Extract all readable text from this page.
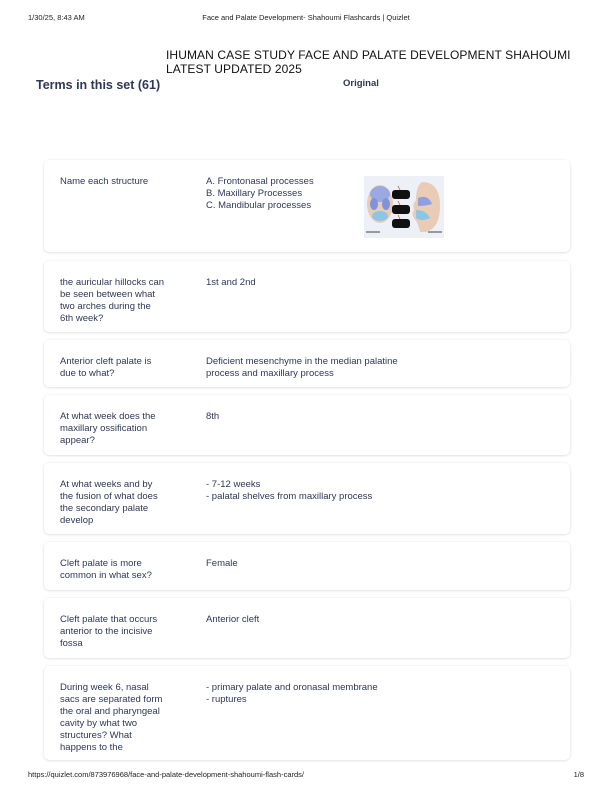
1/30/25, 8:43 AM	Face and Palate Development- Shahoumi Flashcards | Quizlet
IHUMAN CASE STUDY FACE AND PALATE DEVELOPMENT SHAHOUMI LATEST UPDATED 2025
Terms in this set (61)	Original
Name each structure	A. Frontonasal processes
B. Maxillary Processes
C. Mandibular processes
the auricular hillocks can
be seen between what
two arches during the
6th week?
1st and 2nd
Anterior cleft palate is
due to what?
Deficient mesenchyme in the median palatine
process and maxillary process
At what week does the
maxillary ossification
appear?
8th
At what weeks and by
the fusion of what does
the secondary palate
develop
- 7-12 weeks
- palatal shelves from maxillary process
Cleft palate is more
common in what sex?
Female
Cleft palate that occurs
anterior to the incisive
fossa
Anterior cleft
During week 6, nasal
sacs are separated form
the oral and pharyngeal
cavity by what two
structures? What
happens to the
- primary palate and oronasal membrane
- ruptures
https://quizlet.com/873976968/face-and-palate-development-shahoumi-flash-cards/	1/8
